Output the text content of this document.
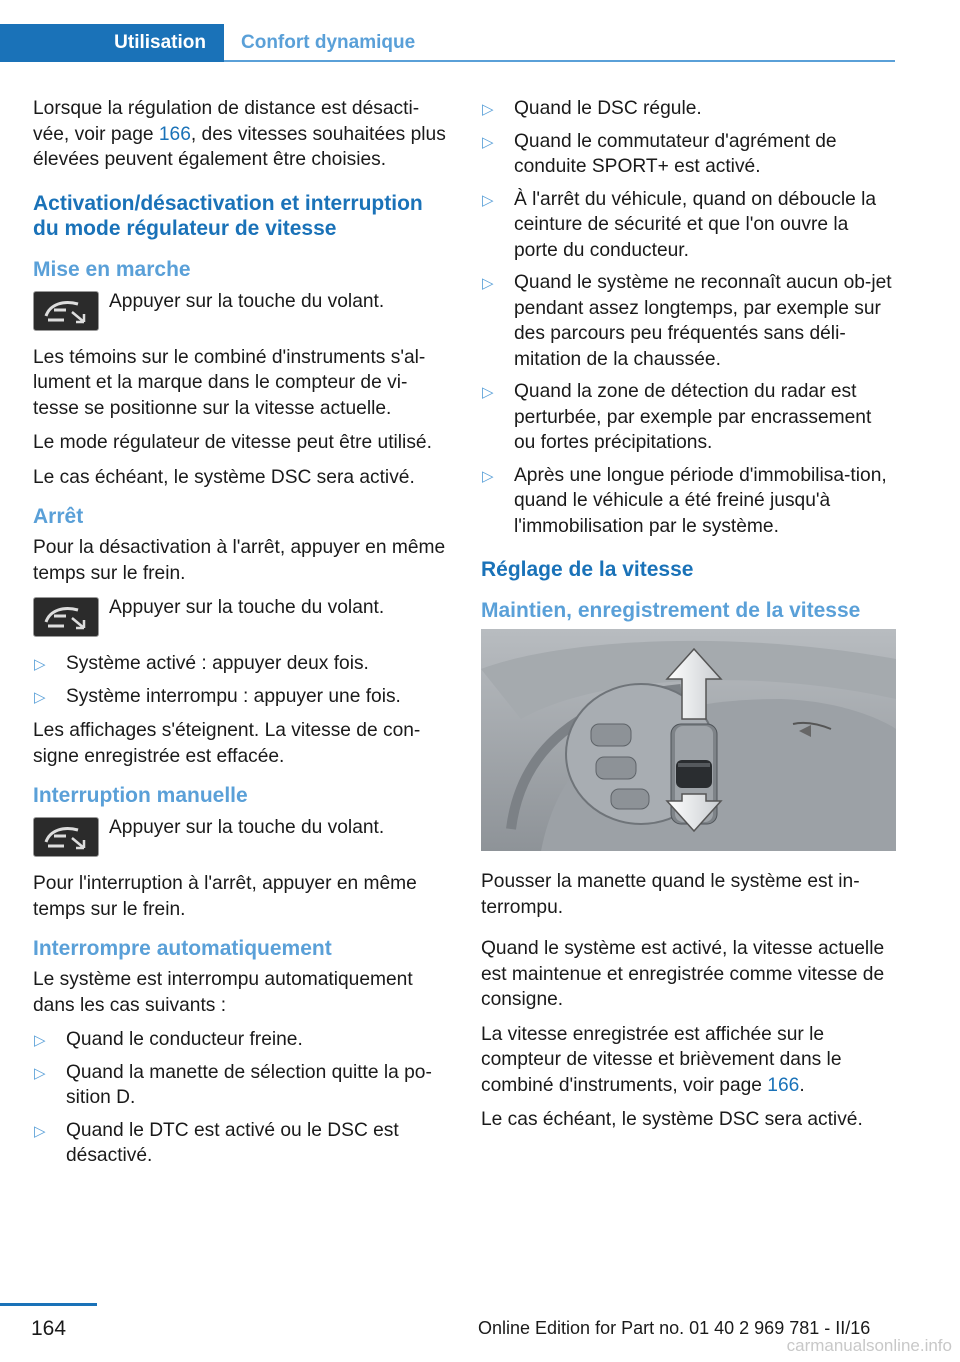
Utilisation	Confort dynamique

Lorsque la régulation de distance est désacti‐vée, voir page 166, des vitesses souhaitées plus élevées peuvent également être choisies.

Activation/désactivation et interruption du mode régulateur de vitesse
Mise en marche
Appuyer sur la touche du volant.

Les témoins sur le combiné d'instruments s'al‐lument et la marque dans le compteur de vi‐tesse se positionne sur la vitesse actuelle.

Le mode régulateur de vitesse peut être utilisé.

Le cas échéant, le système DSC sera activé.

Arrêt

Pour la désactivation à l'arrêt, appuyer en même temps sur le frein.

Appuyer sur la touche du volant.
▷ Système activé : appuyer deux fois.
▷ Système interrompu : appuyer une fois.

Les affichages s'éteignent. La vitesse de con‐signe enregistrée est effacée.

Interruption manuelle
Appuyer sur la touche du volant.

Pour l'interruption à l'arrêt, appuyer en même temps sur le frein.

Interrompre automatiquement

Le système est interrompu automatiquement dans les cas suivants :

▷ Quand le conducteur freine.
▷ Quand la manette de sélection quitte la po‐sition D.
▷ Quand le DTC est activé ou le DSC est désactivé.
▷ Quand le DSC régule.
▷ Quand le commutateur d'agrément de conduite SPORT+ est activé.
▷ À l'arrêt du véhicule, quand on déboucle la ceinture de sécurité et que l'on ouvre la porte du conducteur.
▷ Quand le système ne reconnaît aucun ob‐jet pendant assez longtemps, par exemple sur des parcours peu fréquentés sans déli‐mitation de la chaussée.
▷ Quand la zone de détection du radar est perturbée, par exemple par encrassement ou fortes précipitations.
▷ Après une longue période d'immobilisa‐tion, quand le véhicule a été freiné jusqu'à l'immobilisation par le système.
Réglage de la vitesse
Maintien, enregistrement de la vitesse

Pousser la manette quand le système est in‐terrompu.

Quand le système est activé, la vitesse actuelle est maintenue et enregistrée comme vitesse de consigne.

La vitesse enregistrée est affichée sur le compteur de vitesse et brièvement dans le combiné d'instruments, voir page 166.

Le cas échéant, le système DSC sera activé.

164	Online Edition for Part no. 01 40 2 969 781 - II/16
carmanualsonline.info
